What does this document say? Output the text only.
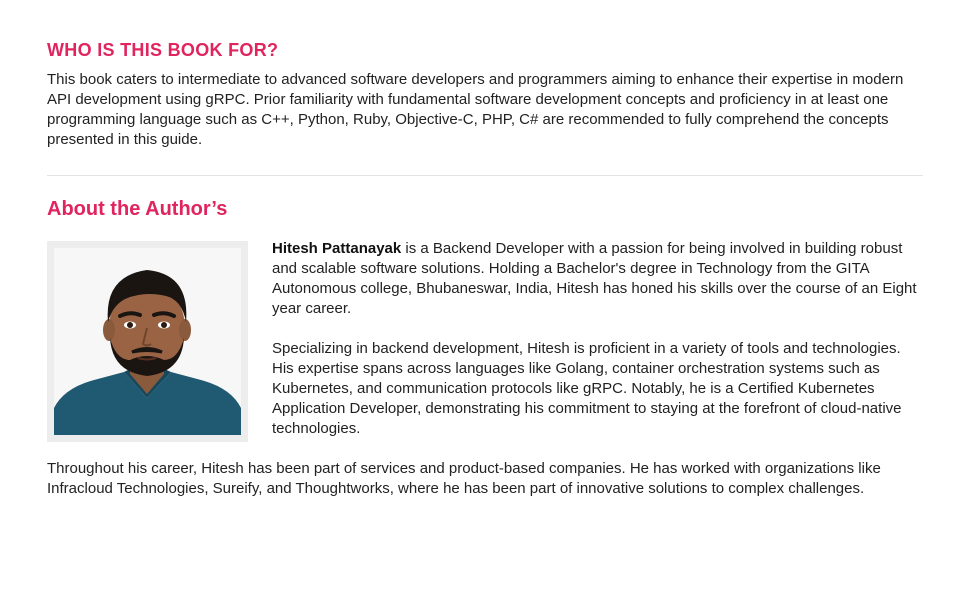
WHO IS THIS BOOK FOR?

This book caters to intermediate to advanced software developers and programmers aiming to enhance their expertise in modern API development using gRPC. Prior familiarity with fundamental software development concepts and proficiency in at least one programming language such as C++, Python, Ruby, Objective-C, PHP, C# are recommended to fully comprehend the concepts presented in this guide.

About the Author’s

Hitesh Pattanayak is a Backend Developer with a passion for being involved in building robust and scalable software solutions. Holding a Bachelor's degree in Technology from the GITA Autonomous college, Bhubaneswar, India, Hitesh has honed his skills over the course of an Eight year career.

Specializing in backend development, Hitesh is proficient in a variety of tools and technologies. His expertise spans across languages like Golang, container orchestration systems such as Kubernetes, and communication protocols like gRPC. Notably, he is a Certified Kubernetes Application Developer, demonstrating his commitment to staying at the forefront of cloud-native technologies.

Throughout his career, Hitesh has been part of services and product-based companies. He has worked with organizations like Infracloud Technologies, Sureify, and Thoughtworks, where he has been part of innovative solutions to complex challenges.
